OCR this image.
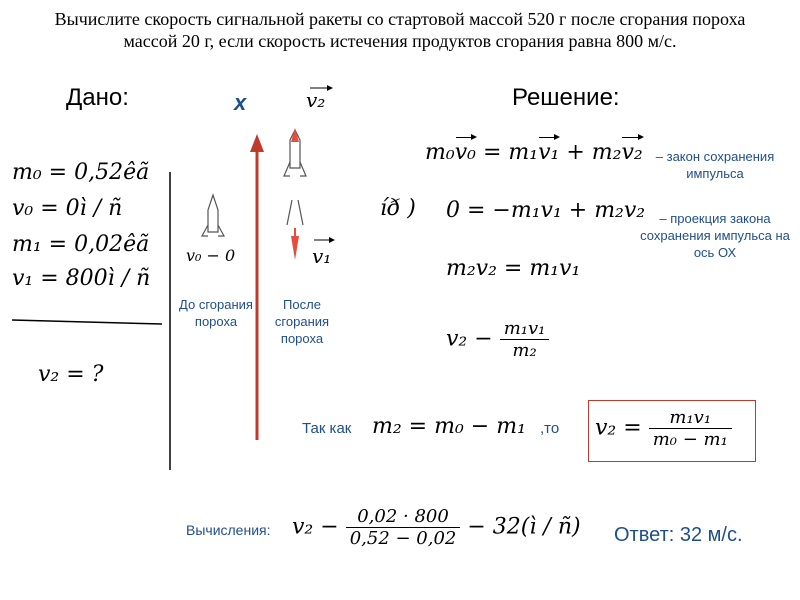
Вычислите скорость сигнальной ракеты со стартовой массой 520 г после сгорания пороха массой 20 г, если скорость истечения продуктов сгорания равна 800 м/с.
Дано:	Решение:
x
m₀ = 0,52êã
v₀ = 0ì / ñ
m₁ = 0,02êã
v₁ = 800ì / ñ
v₂ = ?
v₀ − 0
v₂
v₁
До сгорания пороха
После сгорания пороха
m₀v₀ = m₁v₁ + m₂v₂	– закон сохранения импульса
íð ) 0 = −m₁v₁ + m₂v₂	– проекция закона сохранения импульса на ось ОХ
m₂v₂ = m₁v₁
$v_2 - \frac{\text{m₁v₁}}{\text{m₂}}$
Так как m₂ = m₀ − m₁ ,то	$v_2 = \frac{\text{m₁v₁}}{\text{m₀ − m₁}}$
Вычисления: $v_2 - \frac{0,02 \cdot 800}{0,52 - 0,02}$ − 32(ì / ñ) Ответ: 32 м/с.
